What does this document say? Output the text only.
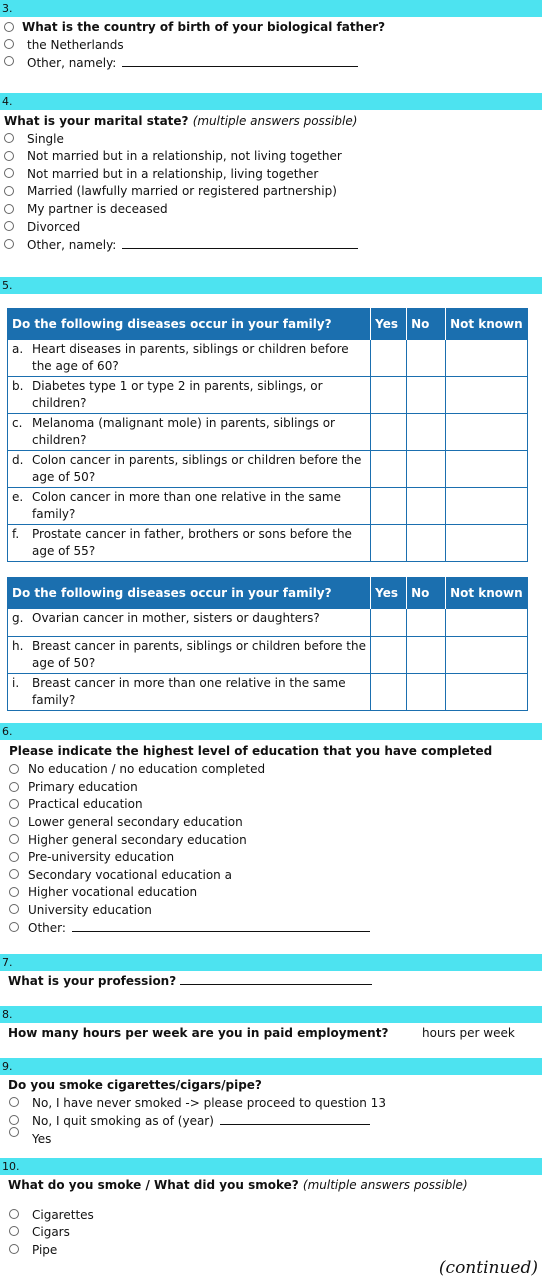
3.
What is the country of birth of your biological father?
the Netherlands
Other, namely:
4.
What is your marital state? (multiple answers possible)
Single
Not married but in a relationship, not living together
Not married but in a relationship, living together
Married (lawfully married or registered partnership)
My partner is deceased
Divorced
Other, namely:
5.
Do the following diseases occur in your family?	Yes	No	Not known
a. Heart diseases in parents, siblings or children before
the age of 60?			
b. Diabetes type 1 or type 2 in parents, siblings, or
children?			
c. Melanoma (malignant mole) in parents, siblings or
children?			
d. Colon cancer in parents, siblings or children before the
age of 50?			
e. Colon cancer in more than one relative in the same
family?			
f. Prostate cancer in father, brothers or sons before the
age of 55?			
Do the following diseases occur in your family?	Yes	No	Not known
g. Ovarian cancer in mother, sisters or daughters?			
h. Breast cancer in parents, siblings or children before the
age of 50?			
i. Breast cancer in more than one relative in the same
family?			
6.
Please indicate the highest level of education that you have completed
No education / no education completed
Primary education
Practical education
Lower general secondary education
Higher general secondary education
Pre-university education
Secondary vocational education a
Higher vocational education
University education
Other:
7.
What is your profession?
8.
How many hours per week are you in paid employment?	hours per week
9.
Do you smoke cigarettes/cigars/pipe?
No, I have never smoked -> please proceed to question 13
No, I quit smoking as of (year)
Yes
10.
What do you smoke / What did you smoke? (multiple answers possible)
Cigarettes
Cigars
Pipe
(continued)
